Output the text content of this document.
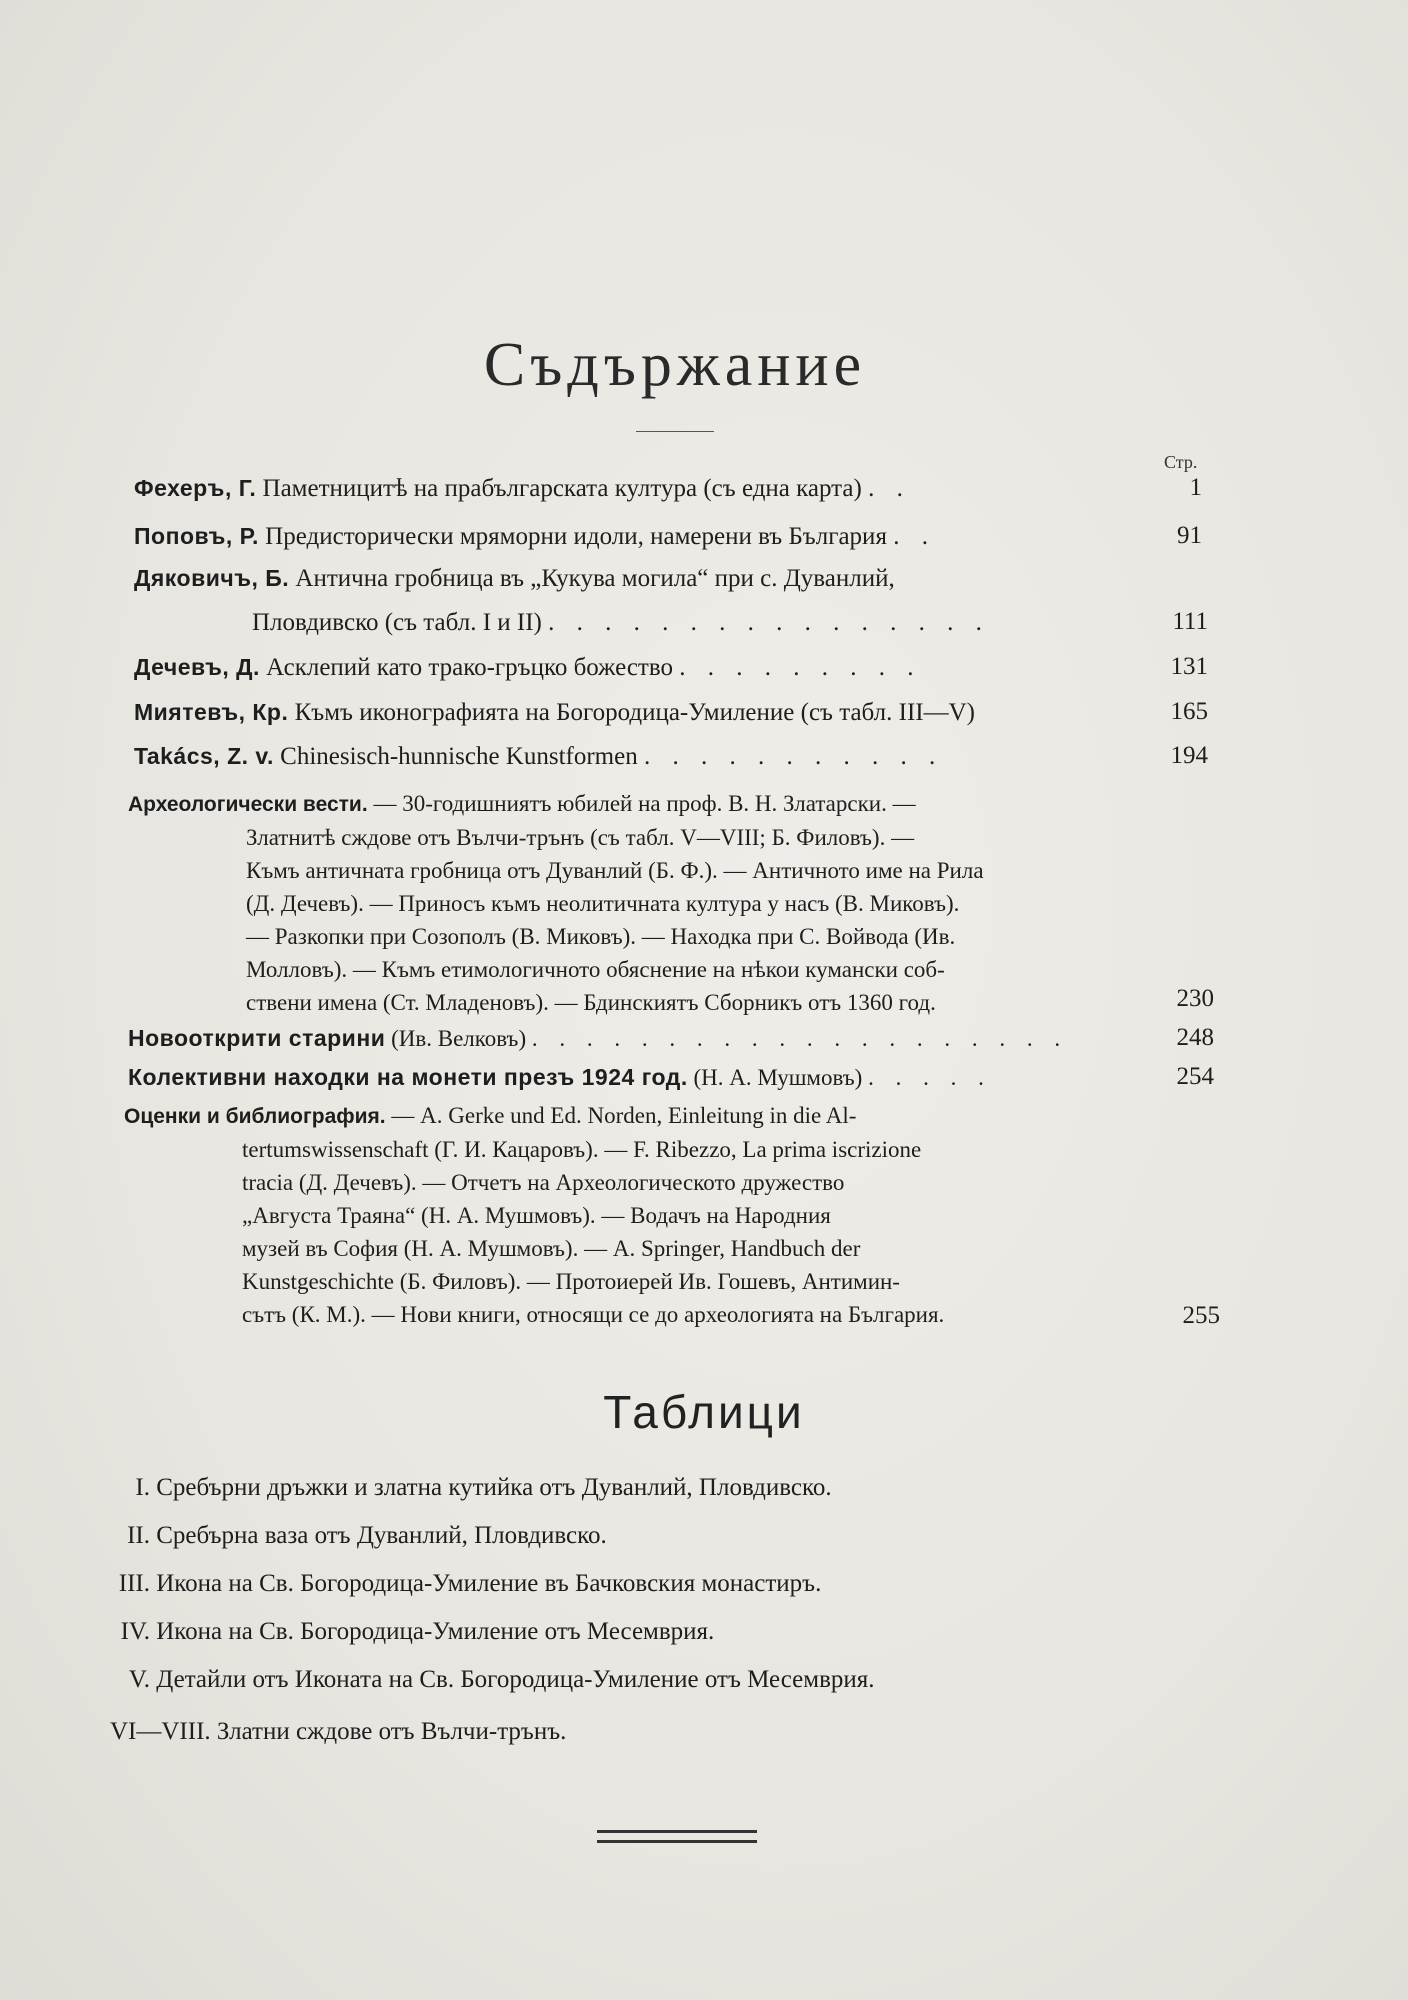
Съдържание
Стр.
Фехеръ, Г. Паметницитѣ на прабългарската култура (съ една карта) . .	1
Поповъ, Р. Предисторически мряморни идоли, намерени въ България . .	91
Дяковичъ, Б. Антична гробница въ „Кукува могила“ при с. Дуванлий,
Пловдивско (съ табл. I и II) . . . . . . . . . . . . . . . .	111
Дечевъ, Д. Асклепий като трако-гръцко божество . . . . . . . . .	131
Миятевъ, Кр. Къмъ иконографията на Богородица-Умиление (съ табл. III—V)	165
Takács, Z. v. Chinesisch-hunnische Kunstformen . . . . . . . . . . .	194

Археологически вести. — 30-годишниятъ юбилей на проф. В. Н. Златарски. —

Златнитѣ сждове отъ Вълчи-трънъ (съ табл. V—VIII; Б. Филовъ). —

Къмъ античната гробница отъ Дуванлий (Б. Ф.). — Античното име на Рила

(Д. Дечевъ). — Приносъ къмъ неолитичната култура у насъ (В. Миковъ).

— Разкопки при Созополъ (В. Миковъ). — Находка при С. Войвода (Ив.

Молловъ). — Къмъ етимологичното обяснение на нѣкои кумански соб-

ствени имена (Ст. Младеновъ). — Бдинскиятъ Сборникъ отъ 1360 год.	230
Новооткрити старини (Ив. Велковъ) . . . . . . . . . . . . . . . . . . . .	248
Колективни находки на монети презъ 1924 год. (Н. А. Мушмовъ) . . . . .	254

Оценки и библиография. — A. Gerke und Ed. Norden, Einleitung in die Al-

tertumswissenschaft (Г. И. Кацаровъ). — F. Ribezzo, La prima iscrizione

tracia (Д. Дечевъ). — Отчетъ на Археологическото дружество

„Августа Траяна“ (Н. А. Мушмовъ). — Водачъ на Народния

музей въ София (Н. А. Мушмовъ). — A. Springer, Handbuch der

Kunstgeschichte (Б. Филовъ). — Протоиерей Ив. Гошевъ, Антимин-

сътъ (К. М.). — Нови книги, относящи се до археологията на България.	255
Таблици
I. Сребърни дръжки и златна кутийка отъ Дуванлий, Пловдивско.
II. Сребърна ваза отъ Дуванлий, Пловдивско.
III. Икона на Св. Богородица-Умиление въ Бачковския монастиръ.
IV. Икона на Св. Богородица-Умиление отъ Месемврия.
V. Детайли отъ Иконата на Св. Богородица-Умиление отъ Месемврия.
VI—VIII. Златни сждове отъ Вълчи-трънъ.
